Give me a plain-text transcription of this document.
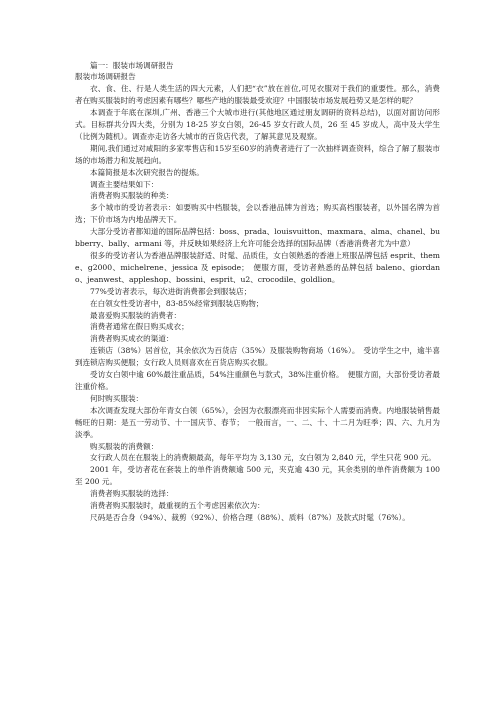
篇一：服装市场调研报告

服装市场调研报告

衣、食、住、行是人类生活的四大元素，人们把“衣”放在首位,可见衣服对于我们的重要性。那么，消费者在购买服装时的考虑因素有哪些？哪些产地的服装最受欢迎？中国服装市场发展趋势又是怎样的呢？

本调查于年底在深圳,广州、香港三个大城市进行(其他地区通过朋友调研的资料总结)，以面对面访问形式。目标群共分四大类，分别为 18-25 岁女白领，26-45 岁女行政人员，26 至 45 岁成人，高中及大学生（比例为随机）。调查亦走访各大城市的百货店代表，了解其意见及观察。

期间,我们通过对咸阳的多家零售店和15岁至60岁的消费者进行了一次抽样调查资料，综合了解了服装市场的市场潜力和发展趋向。

本篇简报是本次研究报告的提炼。

调查主要结果如下：

消费者购买服装的种类：

多个城市的受访者表示：如要购买中档服装，会以香港品牌为首选；购买高档服装者，以外国名牌为首选；下价市场为内地品牌天下。

大部分受访者都知道的国际品牌包括：boss、prada、louisvuitton、maxmara、alma、chanel、bubberry、bally、armani 等，并反映如果经济上允许可能会选择的国际品牌（香港消费者尤为中意）

很多的受访者认为香港品牌服装舒适、时髦、品质佳，女白领熟悉的香港上班服品牌包括 esprit、theme、g2000、michelrene、jessica 及 episode；　便服方面，受访者熟悉的品牌包括 baleno、giordano、jeanwest、appleshop、bossini、esprit、u2、crocodile、goldlion。

77%受访者表示，每次进街消费都会到服装店；

在白领女性受访者中，83-85%经常到服装店购物；

最喜爱购买服装的消费者：

消费者通常在假日购买成衣；

消费者购买成衣的渠道：

连锁店（38%）居首位，其余依次为百货店（35%）及服装购物商场（16%）。　受访学生之中，逾半喜到连锁店购买便服；女行政人员则喜欢在百货店购买衣服。

受访女白领中逾 60%最注重品质，54%注重颜色与款式，38%注重价格。　便服方面，大部份受访者最注重价格。

何时购买服装：

本次调查发现大部份年青女白领（65%），会因为衣服漂亮而非因实际个人需要而消费。内地服装销售最畅旺的日期：是五一劳动节、十一国庆节、春节；　一般而言，一、二、十、十二月为旺季；四、六、九月为淡季。

购买服装的消费额：

女行政人员在在服装上的消费额最高，每年平均为 3,130 元，女白领为 2,840 元，学生只花 900 元。

2001 年，受访者花在套装上的单件消费额逾 500 元，夹克逾 430 元，其余类别的单件消费额为 100 至 200 元。

消费者购买服装的选择：

消费者购买服装时，最重视的五个考虑因素依次为：

尺码是否合身（94%）、裁剪（92%）、价格合理（88%）、质料（87%）及款式时髦（76%）。
